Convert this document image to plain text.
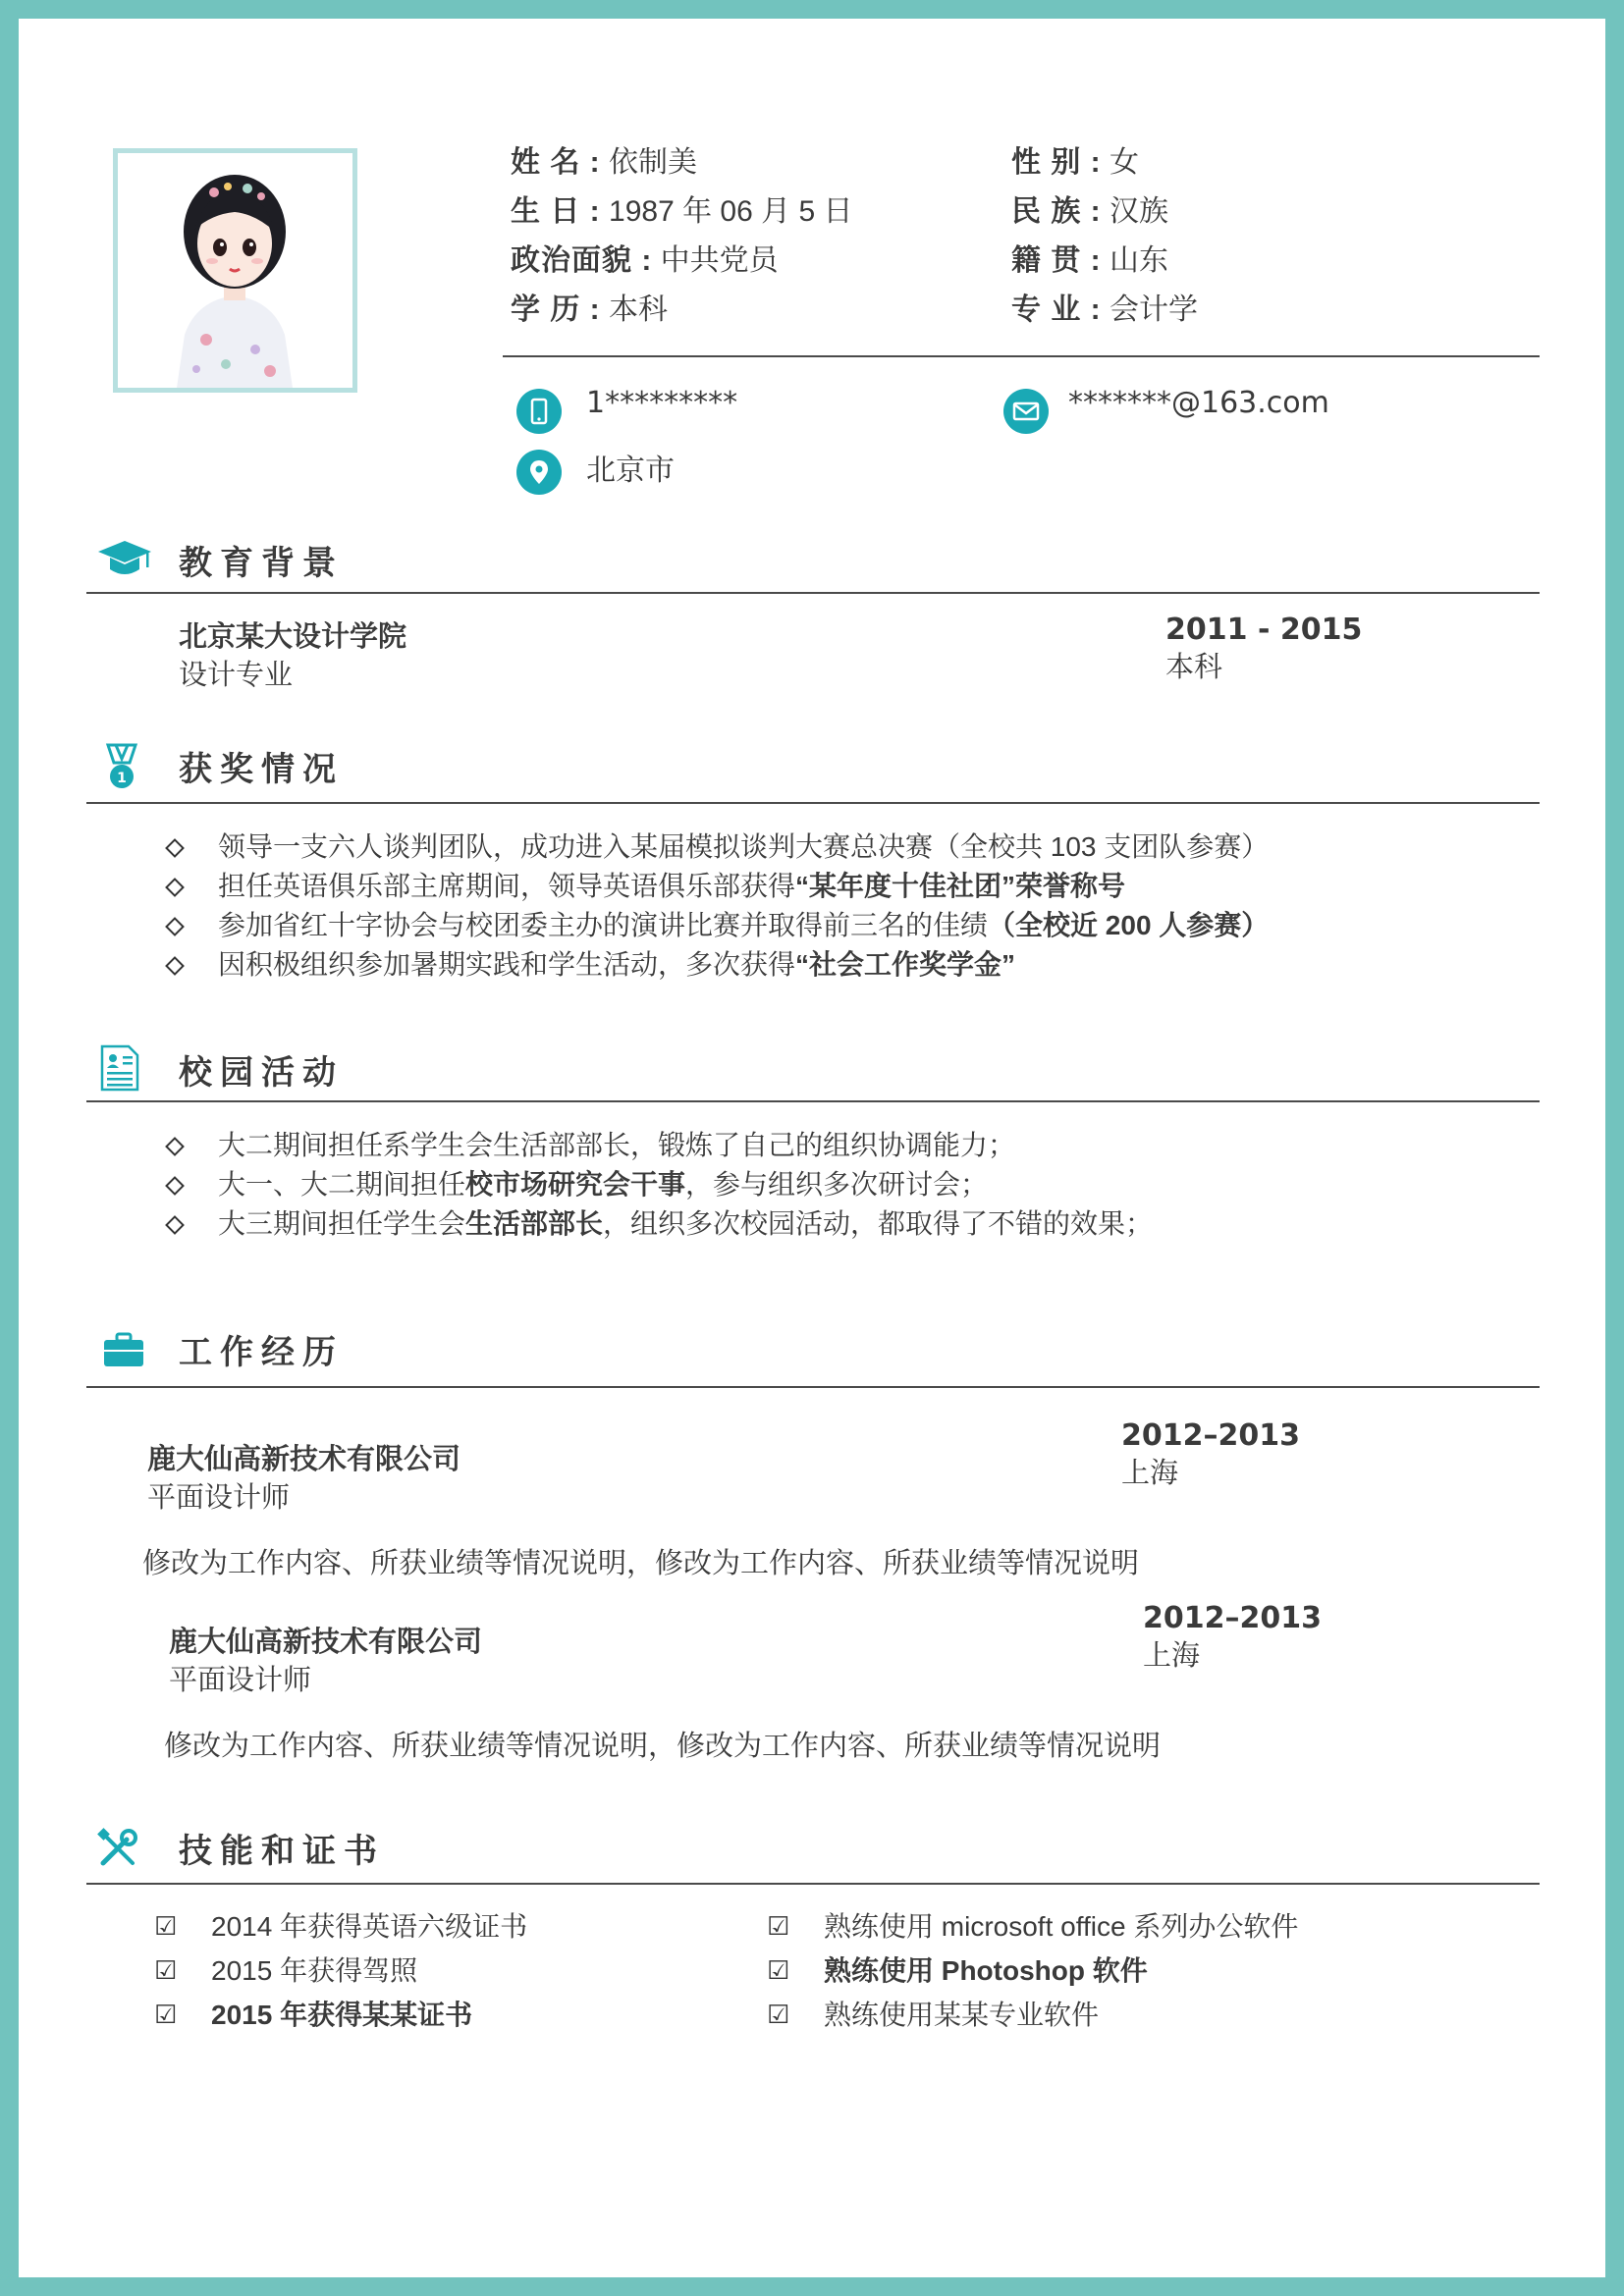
姓 名 : 依制美
生 日 : 1987 年 06 月 5 日
政治面貌 : 中共党员
学 历 : 本科
性 别 : 女
民 族 : 汉族
籍 贯 : 山东
专 业 : 会计学
1*********	*******@163.com
北京市
教育背景
北京某大设计学院
设计专业
2011 - 2015
本科
1 获奖情况
领导一支六人谈判团队，成功进入某届模拟谈判大赛总决赛（全校共 103 支团队参赛）
担任英语俱乐部主席期间，领导英语俱乐部获得“某年度十佳社团”荣誉称号
参加省红十字协会与校团委主办的演讲比赛并取得前三名的佳绩（全校近 200 人参赛）
因积极组织参加暑期实践和学生活动，多次获得“社会工作奖学金”
校园活动
大二期间担任系学生会生活部部长，锻炼了自己的组织协调能力；
大一、大二期间担任校市场研究会干事，参与组织多次研讨会；
大三期间担任学生会生活部部长，组织多次校园活动，都取得了不错的效果；
工作经历
鹿大仙高新技术有限公司
平面设计师
2012–2013
上海
修改为工作内容、所获业绩等情况说明，修改为工作内容、所获业绩等情况说明
鹿大仙高新技术有限公司
平面设计师
2012–2013
上海
修改为工作内容、所获业绩等情况说明，修改为工作内容、所获业绩等情况说明
技能和证书
☑ 2014 年获得英语六级证书
☑ 2015 年获得驾照
☑ 2015 年获得某某证书
☑ 熟练使用 microsoft office 系列办公软件
☑ 熟练使用 Photoshop 软件
☑ 熟练使用某某专业软件
